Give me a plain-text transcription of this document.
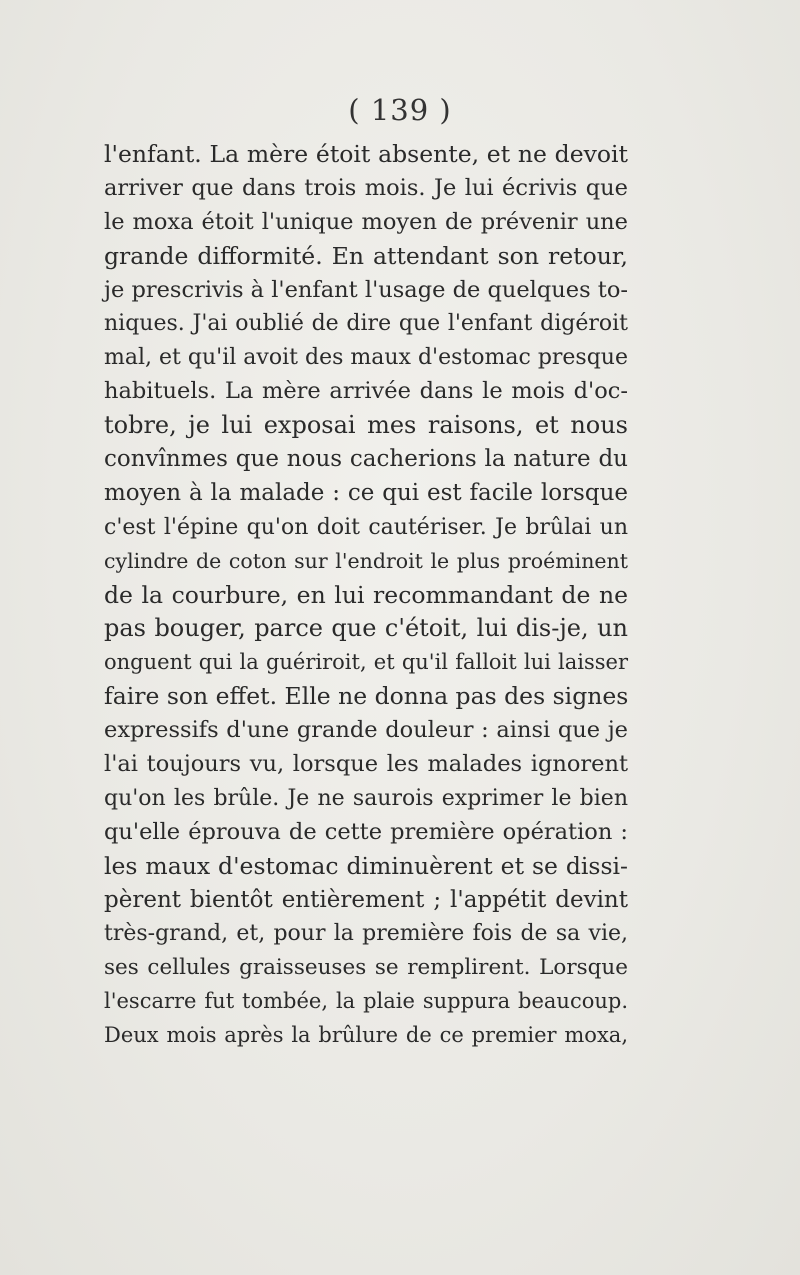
( 139 )
l'enfant. La mère étoit absente, et ne devoit
arriver que dans trois mois. Je lui écrivis que
le moxa étoit l'unique moyen de prévenir une
grande difformité. En attendant son retour,
je prescrivis à l'enfant l'usage de quelques to-
niques. J'ai oublié de dire que l'enfant digéroit
mal, et qu'il avoit des maux d'estomac presque
habituels. La mère arrivée dans le mois d'oc-
tobre, je lui exposai mes raisons, et nous
convînmes que nous cacherions la nature du
moyen à la malade : ce qui est facile lorsque
c'est l'épine qu'on doit cautériser. Je brûlai un
cylindre de coton sur l'endroit le plus proéminent
de la courbure, en lui recommandant de ne
pas bouger, parce que c'étoit, lui dis-je, un
onguent qui la guériroit, et qu'il falloit lui laisser
faire son effet. Elle ne donna pas des signes
expressifs d'une grande douleur : ainsi que je
l'ai toujours vu, lorsque les malades ignorent
qu'on les brûle. Je ne saurois exprimer le bien
qu'elle éprouva de cette première opération :
les maux d'estomac diminuèrent et se dissi-
pèrent bientôt entièrement ; l'appétit devint
très-grand, et, pour la première fois de sa vie,
ses cellules graisseuses se remplirent. Lorsque
l'escarre fut tombée, la plaie suppura beaucoup.
Deux mois après la brûlure de ce premier moxa,
